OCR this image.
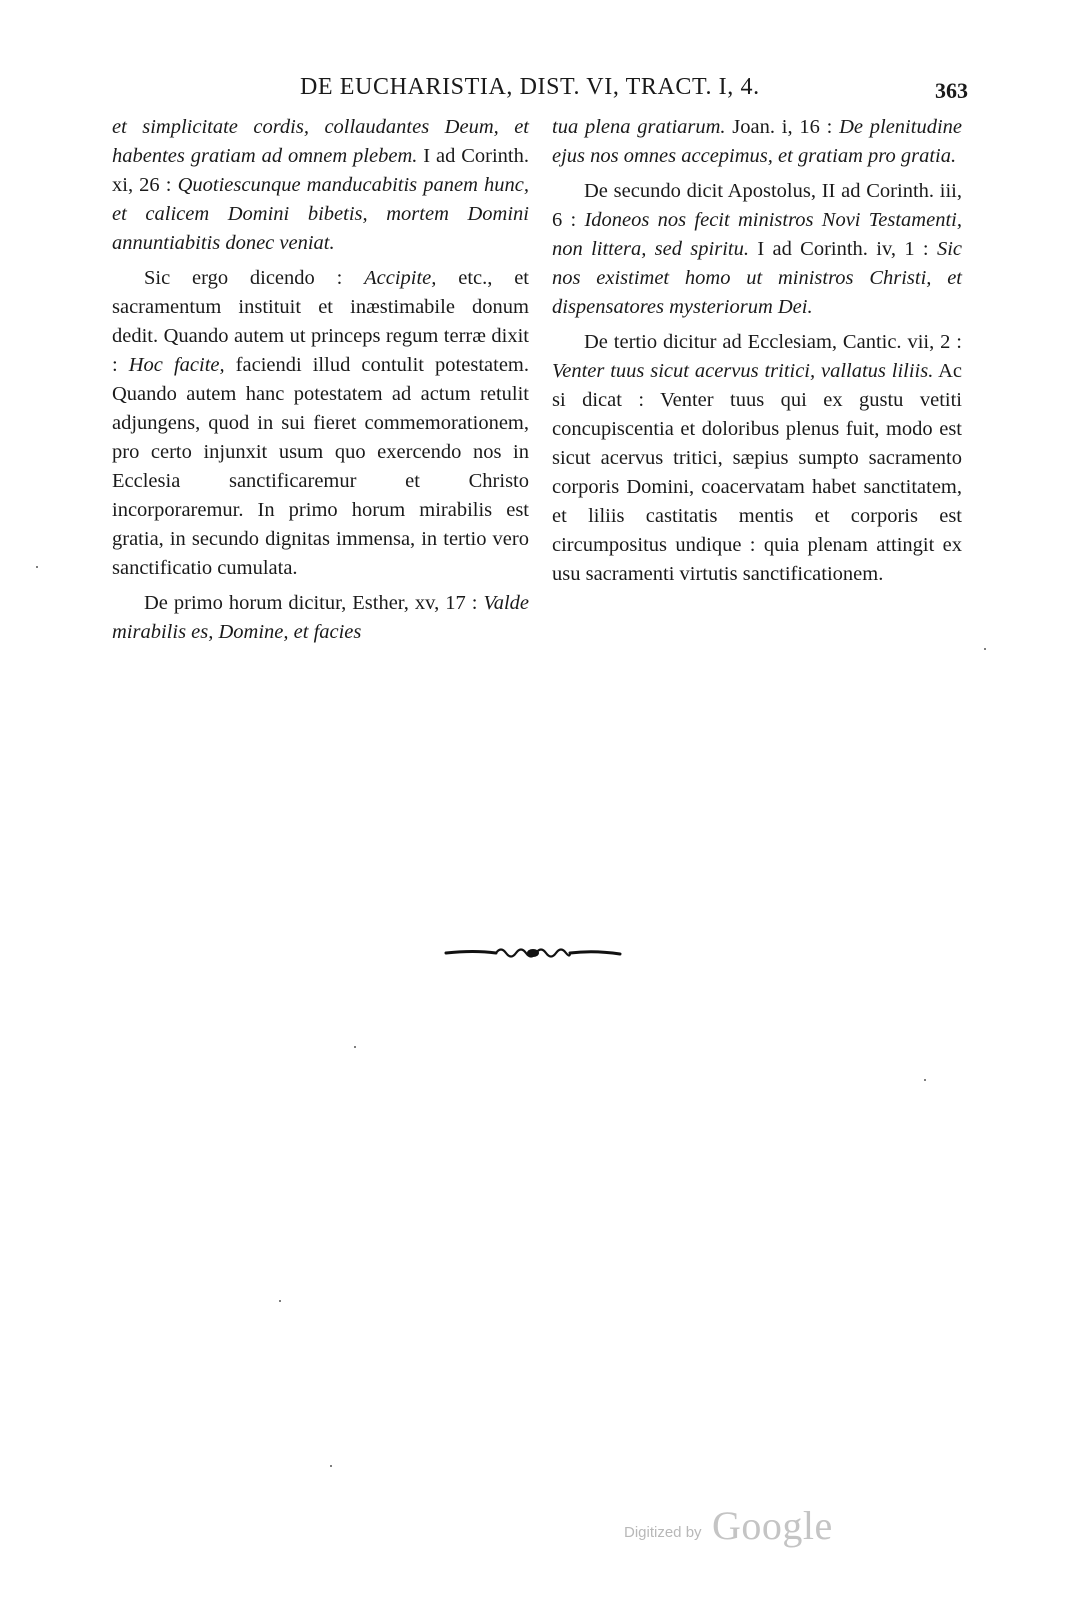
DE EUCHARISTIA, DIST. VI, TRACT. I, 4.	363

et simplicitate cordis, collaudantes Deum, et habentes gratiam ad omnem plebem. I ad Corinth. xi, 26 : Quotiescunque manducabitis panem hunc, et calicem Domini bibetis, mortem Domini annuntiabitis donec veniat.

Sic ergo dicendo : Accipite, etc., et sacramentum instituit et inæstimabile donum dedit. Quando autem ut princeps regum terræ dixit : Hoc facite, faciendi illud contulit potestatem. Quando autem hanc potestatem ad actum retulit adjungens, quod in sui fieret commemorationem, pro certo injunxit usum quo exercendo nos in Ecclesia sanctificaremur et Christo incorporaremur. In primo horum mirabilis est gratia, in secundo dignitas immensa, in tertio vero sanctificatio cumulata.

De primo horum dicitur, Esther, xv, 17 : Valde mirabilis es, Domine, et facies

tua plena gratiarum. Joan. i, 16 : De plenitudine ejus nos omnes accepimus, et gratiam pro gratia.

De secundo dicit Apostolus, II ad Corinth. iii, 6 : Idoneos nos fecit ministros Novi Testamenti, non littera, sed spiritu. I ad Corinth. iv, 1 : Sic nos existimet homo ut ministros Christi, et dispensatores mysteriorum Dei.

De tertio dicitur ad Ecclesiam, Cantic. vii, 2 : Venter tuus sicut acervus tritici, vallatus liliis. Ac si dicat : Venter tuus qui ex gustu vetiti concupiscentia et doloribus plenus fuit, modo est sicut acervus tritici, sæpius sumpto sacramento corporis Domini, coacervatam habet sanctitatem, et liliis castitatis mentis et corporis est circumpositus undique : quia plenam attingit ex usu sacramenti virtutis sanctificationem.

Digitized by Google
